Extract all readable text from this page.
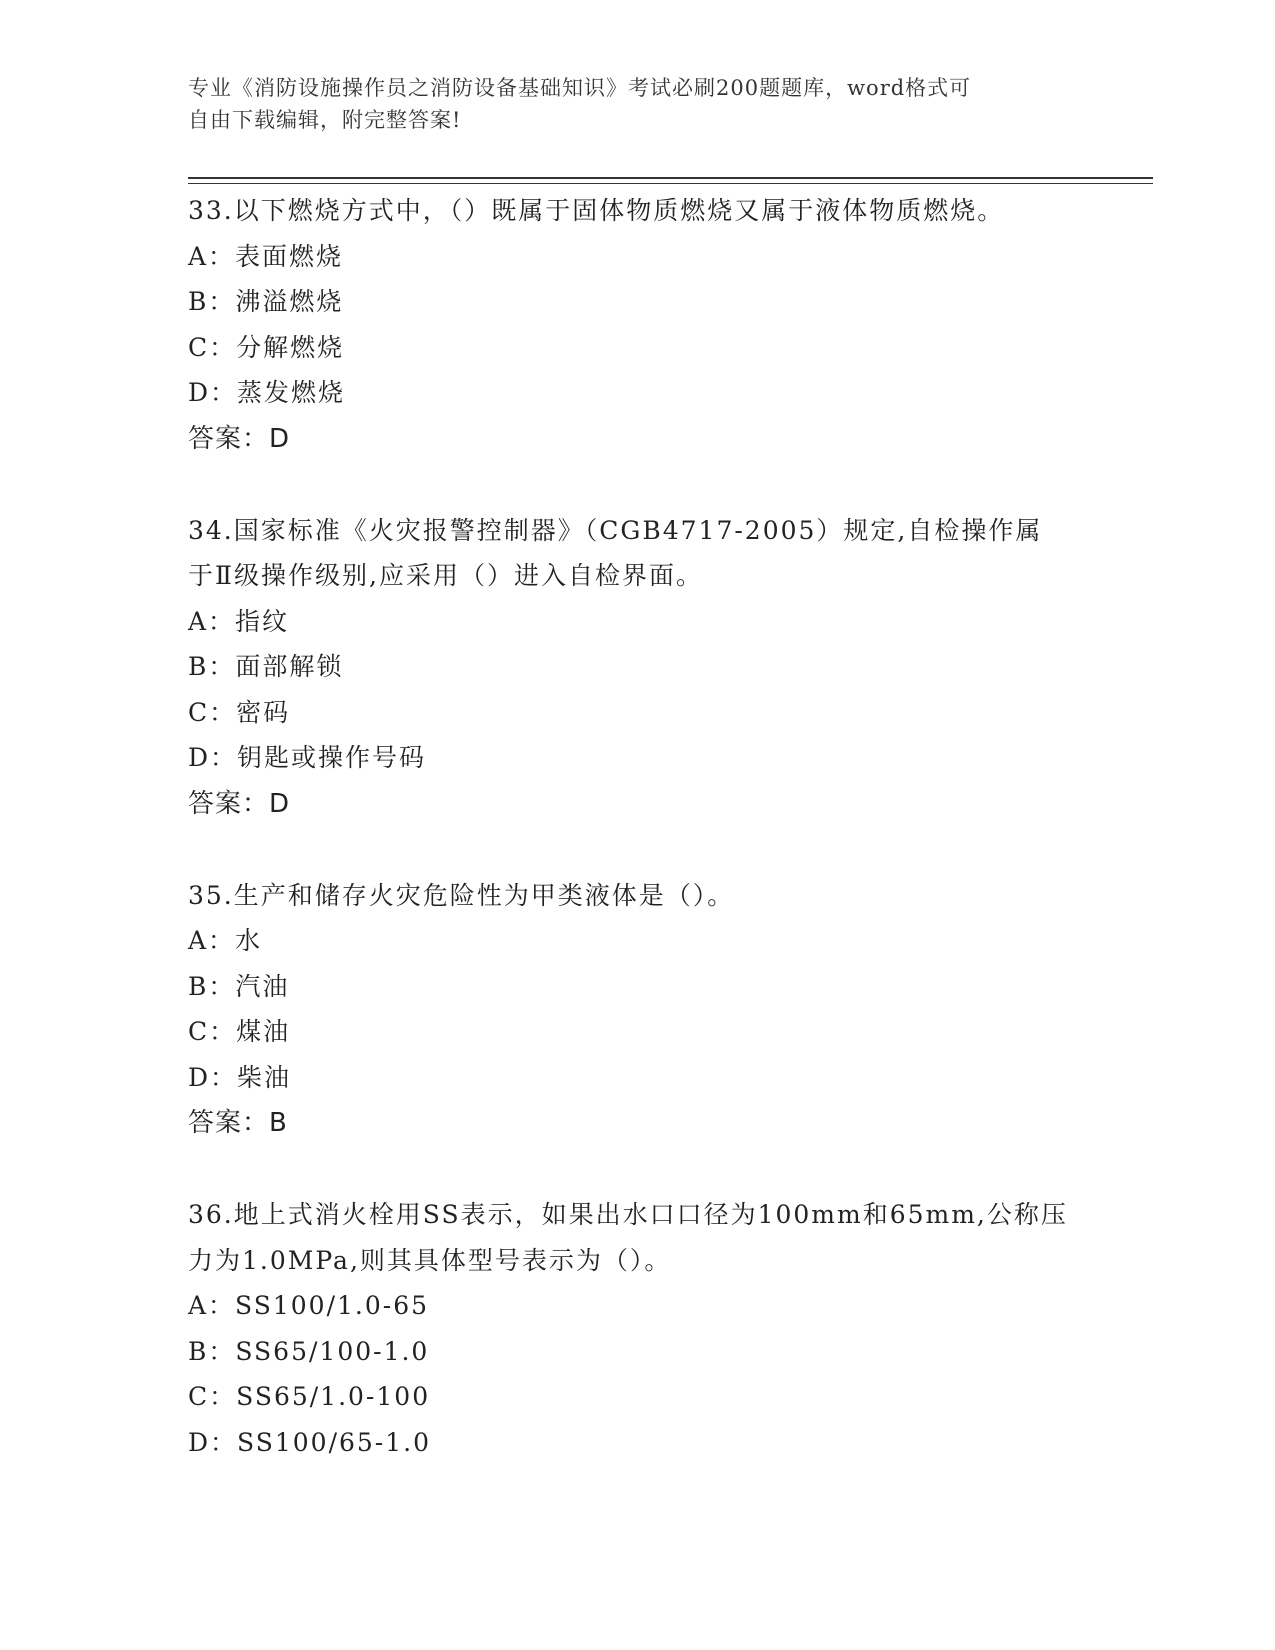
专业《消防设施操作员之消防设备基础知识》考试必刷200题题库，word格式可
自由下载编辑，附完整答案!
33.以下燃烧方式中，（）既属于固体物质燃烧又属于液体物质燃烧。
A：表面燃烧
B：沸溢燃烧
C：分解燃烧
D：蒸发燃烧
答案：D
34.国家标准《火灾报警控制器》（CGB4717-2005）规定,自检操作属
于Ⅱ级操作级别,应采用（）进入自检界面。
A：指纹
B：面部解锁
C：密码
D：钥匙或操作号码
答案：D
35.生产和储存火灾危险性为甲类液体是（）。
A：水
B：汽油
C：煤油
D：柴油
答案：B
36.地上式消火栓用SS表示，如果出水口口径为100mm和65mm,公称压
力为1.0MPa,则其具体型号表示为（）。
A：SS100/1.0-65
B：SS65/100-1.0
C：SS65/1.0-100
D：SS100/65-1.0
